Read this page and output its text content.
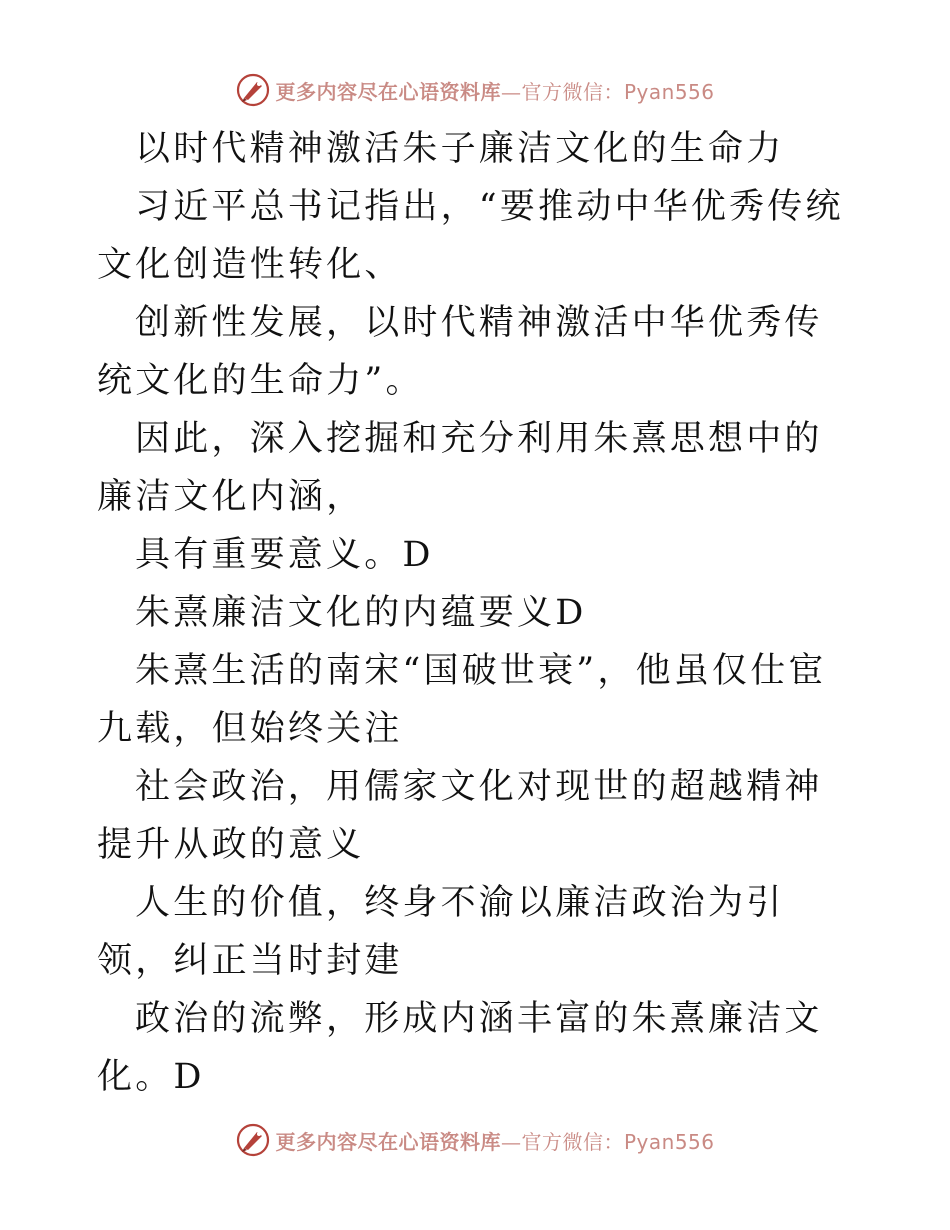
更多内容尽在心语资料库—官方微信：Pyan556

以时代精神激活朱子廉洁文化的生命力

习近平总书记指出，“要推动中华优秀传统文化创造性转化、

创新性发展，以时代精神激活中华优秀传统文化的生命力”。

因此，深入挖掘和充分利用朱熹思想中的廉洁文化内涵，

具有重要意义。D

朱熹廉洁文化的内蕴要义D

朱熹生活的南宋“国破世衰”，他虽仅仕宦九载，但始终关注

社会政治，用儒家文化对现世的超越精神提升从政的意义

人生的价值，终身不渝以廉洁政治为引领，纠正当时封建

政治的流弊，形成内涵丰富的朱熹廉洁文化。D

更多内容尽在心语资料库—官方微信：Pyan556
